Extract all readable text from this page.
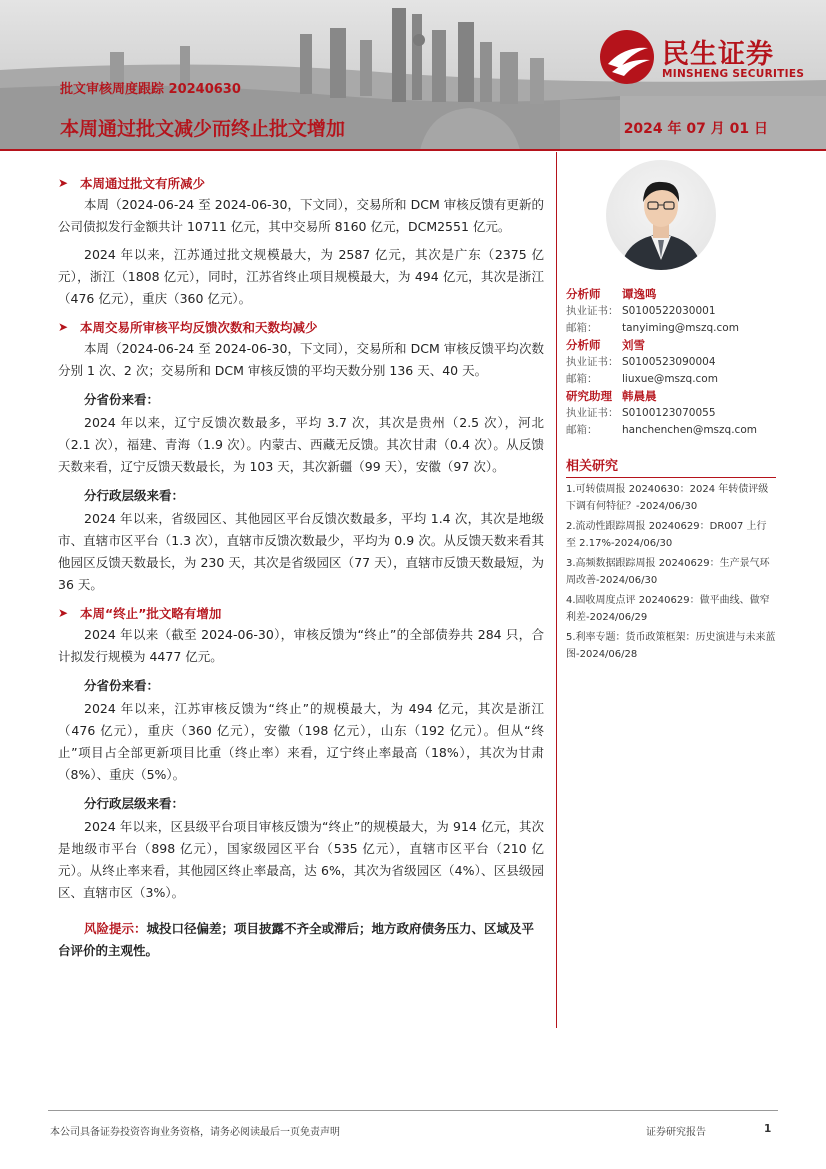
民生证券
MINSHENG SECURITIES
批文审核周度跟踪 20240630
本周通过批文减少而终止批文增加	2024 年 07 月 01 日
➤ 本周通过批文有所减少

本周（2024-06-24 至 2024-06-30，下文同），交易所和 DCM 审核反馈有更新的公司债拟发行金额共计 10711 亿元，其中交易所 8160 亿元，DCM2551 亿元。

2024 年以来，江苏通过批文规模最大，为 2587 亿元，其次是广东（2375 亿元），浙江（1808 亿元），同时，江苏省终止项目规模最大，为 494 亿元，其次是浙江（476 亿元），重庆（360 亿元）。

➤ 本周交易所审核平均反馈次数和天数均减少

本周（2024-06-24 至 2024-06-30，下文同），交易所和 DCM 审核反馈平均次数分别 1 次、2 次；交易所和 DCM 审核反馈的平均天数分别 136 天、40 天。

分省份来看：

2024 年以来，辽宁反馈次数最多，平均 3.7 次，其次是贵州（2.5 次），河北（2.1 次），福建、青海（1.9 次）。内蒙古、西藏无反馈。其次甘肃（0.4 次）。从反馈天数来看，辽宁反馈天数最长，为 103 天，其次新疆（99 天），安徽（97 次）。

分行政层级来看：

2024 年以来，省级园区、其他园区平台反馈次数最多，平均 1.4 次，其次是地级市、直辖市区平台（1.3 次），直辖市反馈次数最少，平均为 0.9 次。从反馈天数来看其他园区反馈天数最长，为 230 天，其次是省级园区（77 天），直辖市反馈天数最短，为 36 天。

➤ 本周“终止”批文略有增加

2024 年以来（截至 2024-06-30），审核反馈为“终止”的全部债券共 284 只，合计拟发行规模为 4477 亿元。

分省份来看：

2024 年以来，江苏审核反馈为“终止”的规模最大，为 494 亿元，其次是浙江（476 亿元），重庆（360 亿元），安徽（198 亿元），山东（192 亿元）。但从“终止”项目占全部更新项目比重（终止率）来看，辽宁终止率最高（18%），其次为甘肃（8%）、重庆（5%）。

分行政层级来看：

2024 年以来，区县级平台项目审核反馈为“终止”的规模最大，为 914 亿元，其次是地级市平台（898 亿元），国家级园区平台（535 亿元），直辖市区平台（210 亿元）。从终止率来看，其他园区终止率最高，达 6%，其次为省级园区（4%）、区县级园区、直辖市区（3%）。

风险提示：城投口径偏差；项目披露不齐全或滞后；地方政府债务压力、区域及平台评价的主观性。

分析师	谭逸鸣
执业证书： S0100522030001
邮箱：	tanyiming@mszq.com
分析师	刘雪
执业证书： S0100523090004
邮箱：	liuxue@mszq.com
研究助理 韩晨晨
执业证书： S0100123070055
邮箱：	hanchenchen@mszq.com
相关研究
1.可转债周报 20240630：2024 年转债评级下调有何特征？-2024/06/30
2.流动性跟踪周报 20240629：DR007 上行至 2.17%-2024/06/30
3.高频数据跟踪周报 20240629：生产景气环周改善-2024/06/30
4.固收周度点评 20240629：做平曲线、做窄利差-2024/06/29
5.利率专题：货币政策框架：历史演进与未来蓝图-2024/06/28
本公司具备证券投资咨询业务资格，请务必阅读最后一页免责声明	证券研究报告	1
